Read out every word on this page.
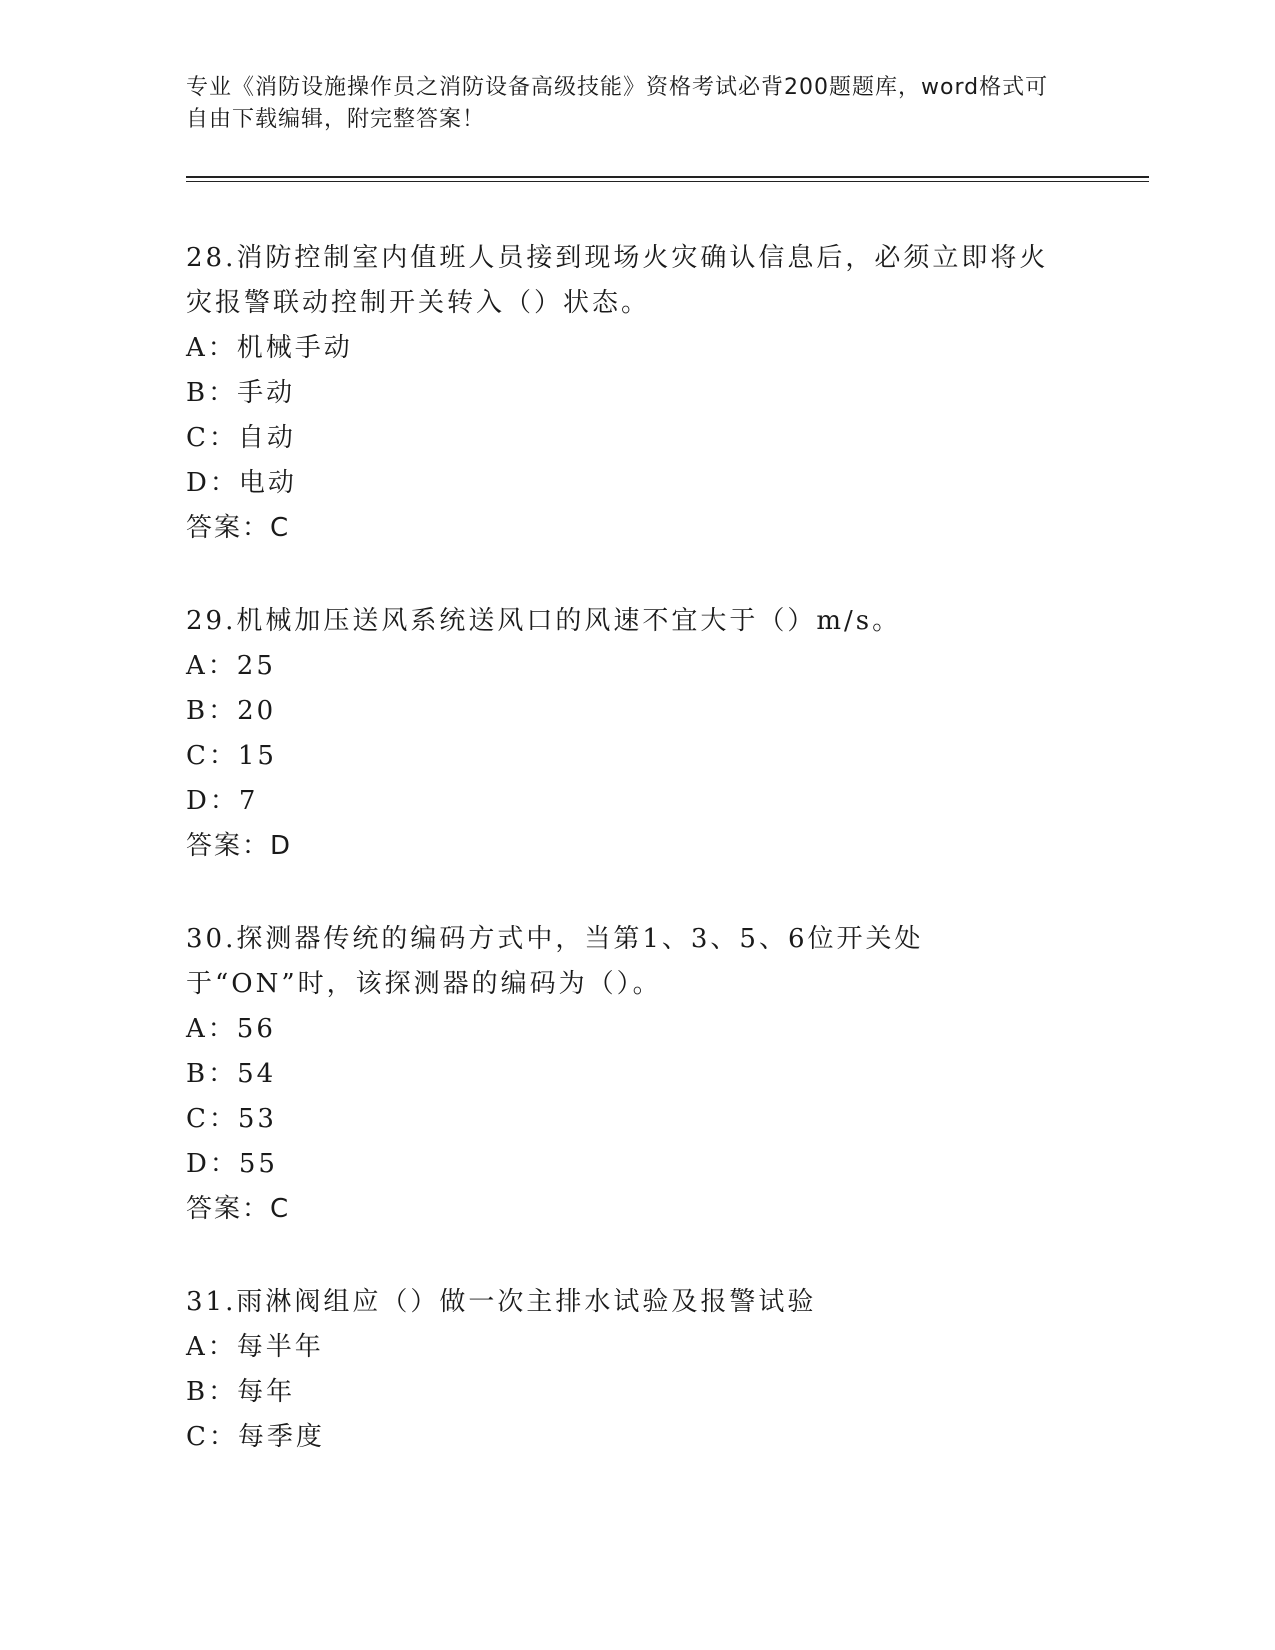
专业《消防设施操作员之消防设备高级技能》资格考试必背200题题库，word格式可自由下载编辑，附完整答案！
28.消防控制室内值班人员接到现场火灾确认信息后，必须立即将火灾报警联动控制开关转入（）状态。
A：机械手动
B：手动
C：自动
D：电动
答案：C
29.机械加压送风系统送风口的风速不宜大于（）m/s。
A：25
B：20
C：15
D：7
答案：D
30.探测器传统的编码方式中，当第1、3、5、6位开关处于“ON”时，该探测器的编码为（）。
A：56
B：54
C：53
D：55
答案：C
31.雨淋阀组应（）做一次主排水试验及报警试验
A：每半年
B：每年
C：每季度
